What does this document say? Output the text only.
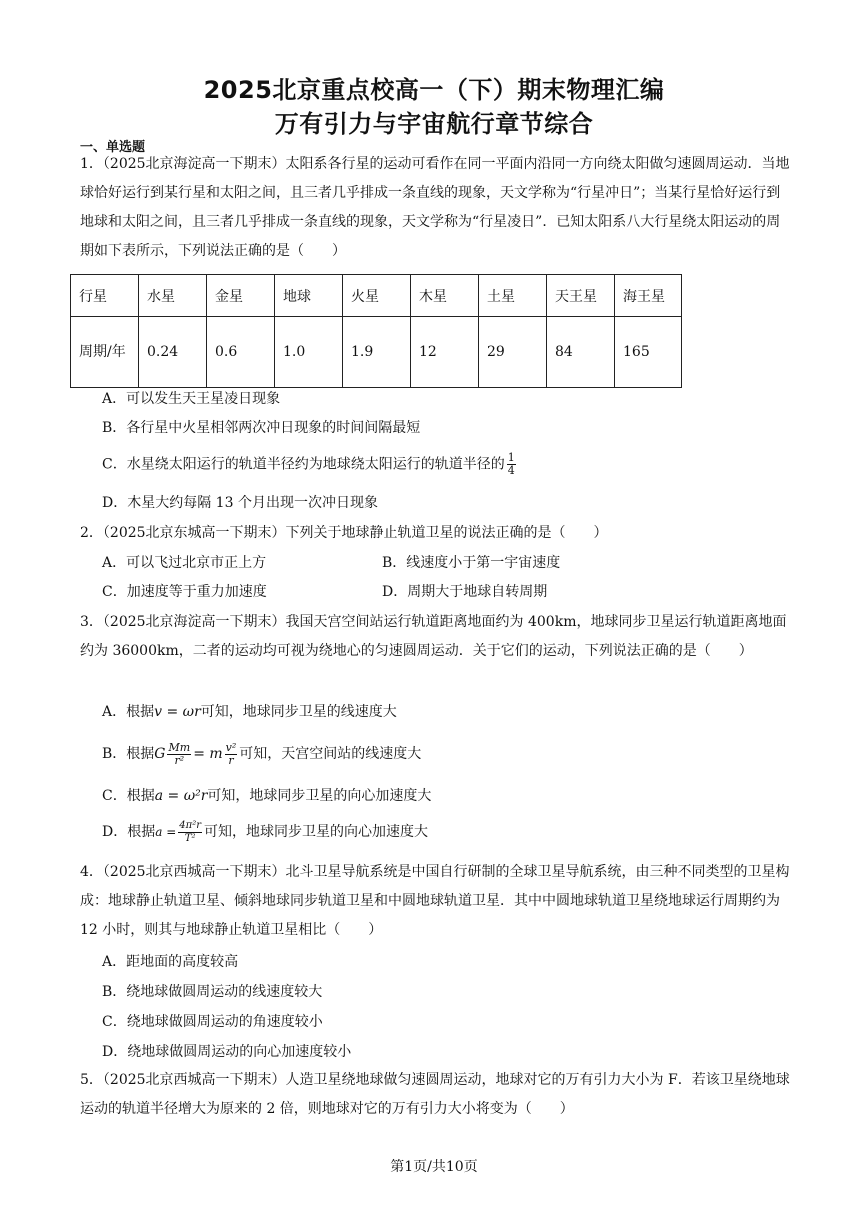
2025北京重点校高一（下）期末物理汇编
万有引力与宇宙航行章节综合
一、单选题
1．（2025北京海淀高一下期末）太阳系各行星的运动可看作在同一平面内沿同一方向绕太阳做匀速圆周运动．当地球恰好运行到某行星和太阳之间，且三者几乎排成一条直线的现象，天文学称为“行星冲日”；当某行星恰好运行到地球和太阳之间，且三者几乎排成一条直线的现象，天文学称为“行星凌日”．已知太阳系八大行星绕太阳运动的周期如下表所示，下列说法正确的是（　　）
行星	水星	金星	地球	火星	木星	土星	天王星	海王星
周期/年	0.24	0.6	1.0	1.9	12	29	84	165
A．可以发生天王星凌日现象
B．各行星中火星相邻两次冲日现象的时间间隔最短
C．水星绕太阳运行的轨道半径约为地球绕太阳运行的轨道半径的 $\frac{1}{4}$
D．木星大约每隔 13 个月出现一次冲日现象
2．（2025北京东城高一下期末）下列关于地球静止轨道卫星的说法正确的是（　　）
A．可以飞过北京市正上方	B．线速度小于第一宇宙速度
C．加速度等于重力加速度	D．周期大于地球自转周期
3．（2025北京海淀高一下期末）我国天宫空间站运行轨道距离地面约为 400km，地球同步卫星运行轨道距离地面约为 36000km，二者的运动均可视为绕地心的匀速圆周运动．关于它们的运动，下列说法正确的是（　　）
A．根据v = ωr可知，地球同步卫星的线速度大
B．根据G $\frac{Mm}{\text{r²}} = m \frac{\text{v²}}{r}$ 可知，天宫空间站的线速度大
C．根据a = ω²r可知，地球同步卫星的向心加速度大
D．根据$a = \frac{\text{4π²r}}{\text{T²}}$ 可知，地球同步卫星的向心加速度大
4．（2025北京西城高一下期末）北斗卫星导航系统是中国自行研制的全球卫星导航系统，由三种不同类型的卫星构成：地球静止轨道卫星、倾斜地球同步轨道卫星和中圆地球轨道卫星．其中中圆地球轨道卫星绕地球运行周期约为 12 小时，则其与地球静止轨道卫星相比（　　）
A．距地面的高度较高
B．绕地球做圆周运动的线速度较大
C．绕地球做圆周运动的角速度较小
D．绕地球做圆周运动的向心加速度较小
5．（2025北京西城高一下期末）人造卫星绕地球做匀速圆周运动，地球对它的万有引力大小为 F．若该卫星绕地球运动的轨道半径增大为原来的 2 倍，则地球对它的万有引力大小将变为（　　）
第1页/共10页
